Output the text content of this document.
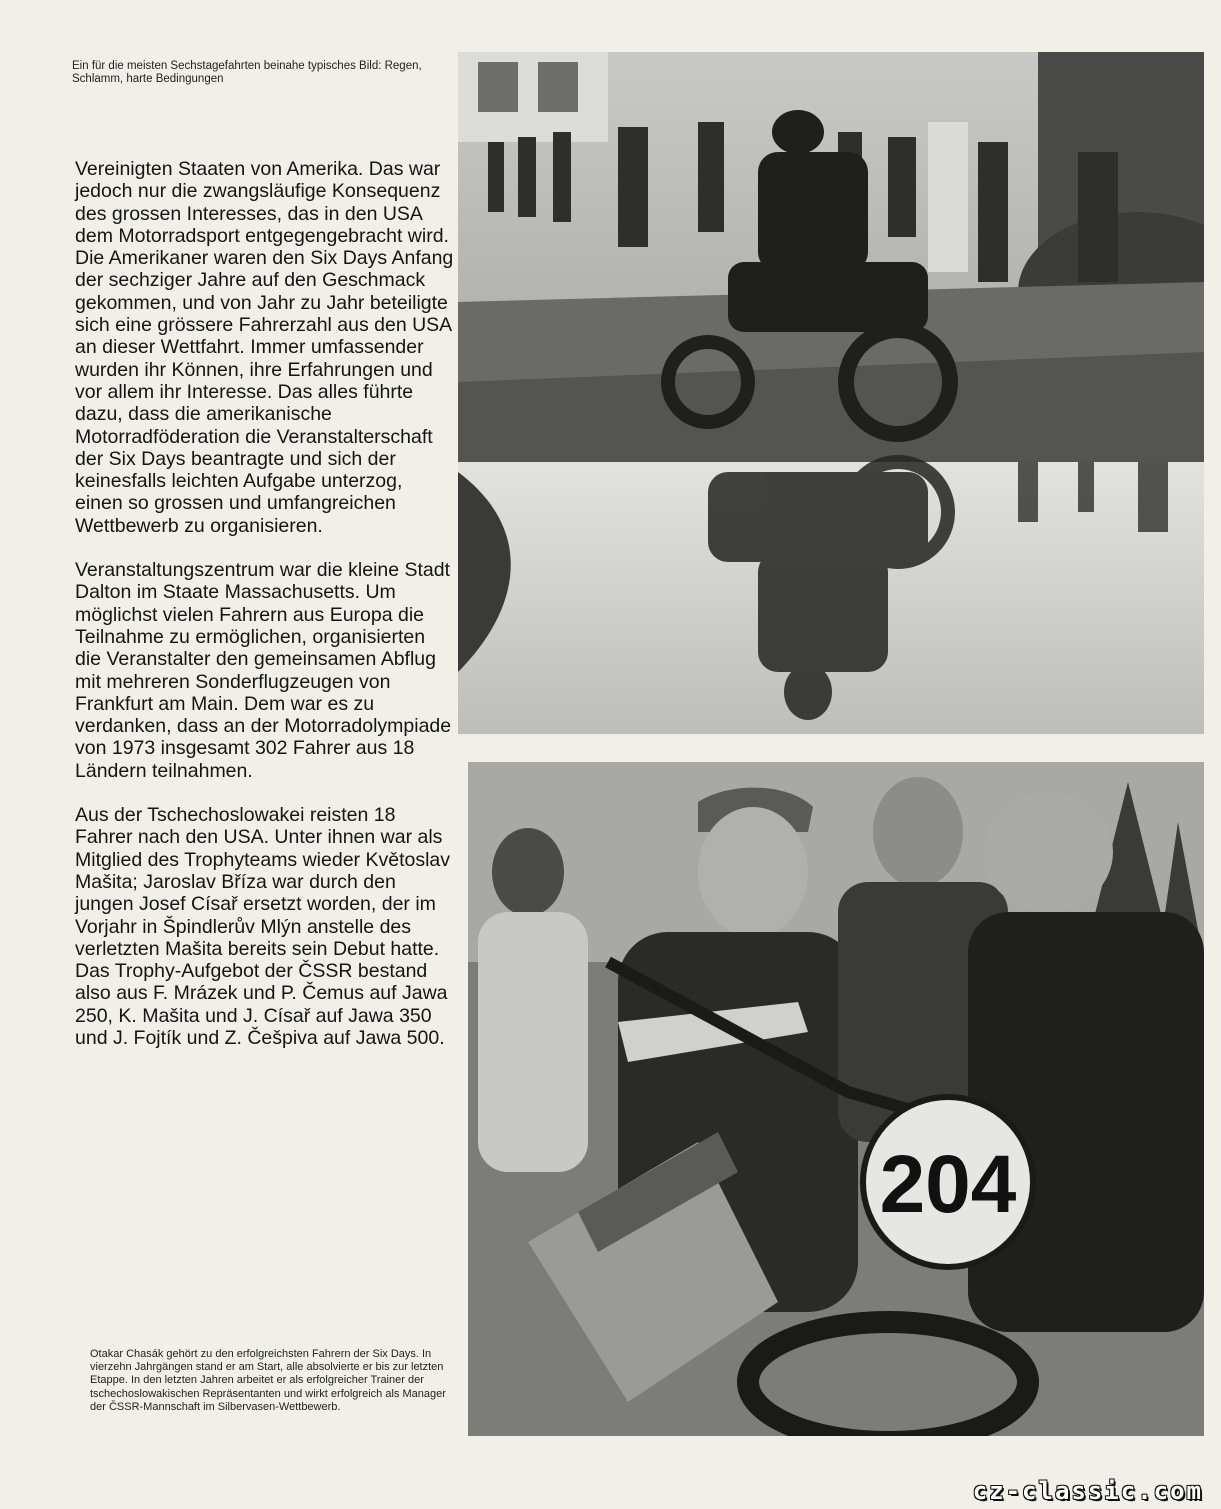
Ein für die meisten Sechstagefahrten beinahe typisches Bild: Regen, Schlamm, harte Bedingungen

Vereinigten Staaten von Amerika. Das war jedoch nur die zwangsläufige Konsequenz des grossen Interesses, das in den USA dem Motorradsport entgegengebracht wird. Die Amerikaner waren den Six Days Anfang der sechziger Jahre auf den Geschmack gekommen, und von Jahr zu Jahr beteiligte sich eine grössere Fahrerzahl aus den USA an dieser Wettfahrt. Immer umfassender wurden ihr Können, ihre Erfahrungen und vor allem ihr Interesse. Das alles führte dazu, dass die amerikanische Motorradföderation die Veranstalterschaft der Six Days beantragte und sich der keinesfalls leichten Aufgabe unterzog, einen so grossen und umfangreichen Wettbewerb zu organisieren.

Veranstaltungszentrum war die kleine Stadt Dalton im Staate Massachusetts. Um möglichst vielen Fahrern aus Europa die Teilnahme zu ermöglichen, organisierten die Veranstalter den gemeinsamen Abflug mit mehreren Sonderflugzeugen von Frankfurt am Main. Dem war es zu verdanken, dass an der Motorradolympiade von 1973 insgesamt 302 Fahrer aus 18 Ländern teilnahmen.

Aus der Tschechoslowakei reisten 18 Fahrer nach den USA. Unter ihnen war als Mitglied des Trophyteams wieder Květoslav Mašita; Jaroslav Bříza war durch den jungen Josef Císař ersetzt worden, der im Vorjahr in Špindlerův Mlýn anstelle des verletzten Mašita bereits sein Debut hatte. Das Trophy-Aufgebot der ČSSR bestand also aus F. Mrázek und P. Čemus auf Jawa 250, K. Mašita und J. Císař auf Jawa 350 und J. Fojtík und Z. Češpiva auf Jawa 500.

Otakar Chasák gehört zu den erfolgreichsten Fahrern der Six Days. In vierzehn Jahrgängen stand er am Start, alle absolvierte er bis zur letzten Etappe. In den letzten Jahren arbeitet er als erfolgreicher Trainer der tschechoslowakischen Repräsentanten und wirkt erfolgreich als Manager der ČSSR-Mannschaft im Silbervasen-Wettbewerb.
204
cz-classic.com
